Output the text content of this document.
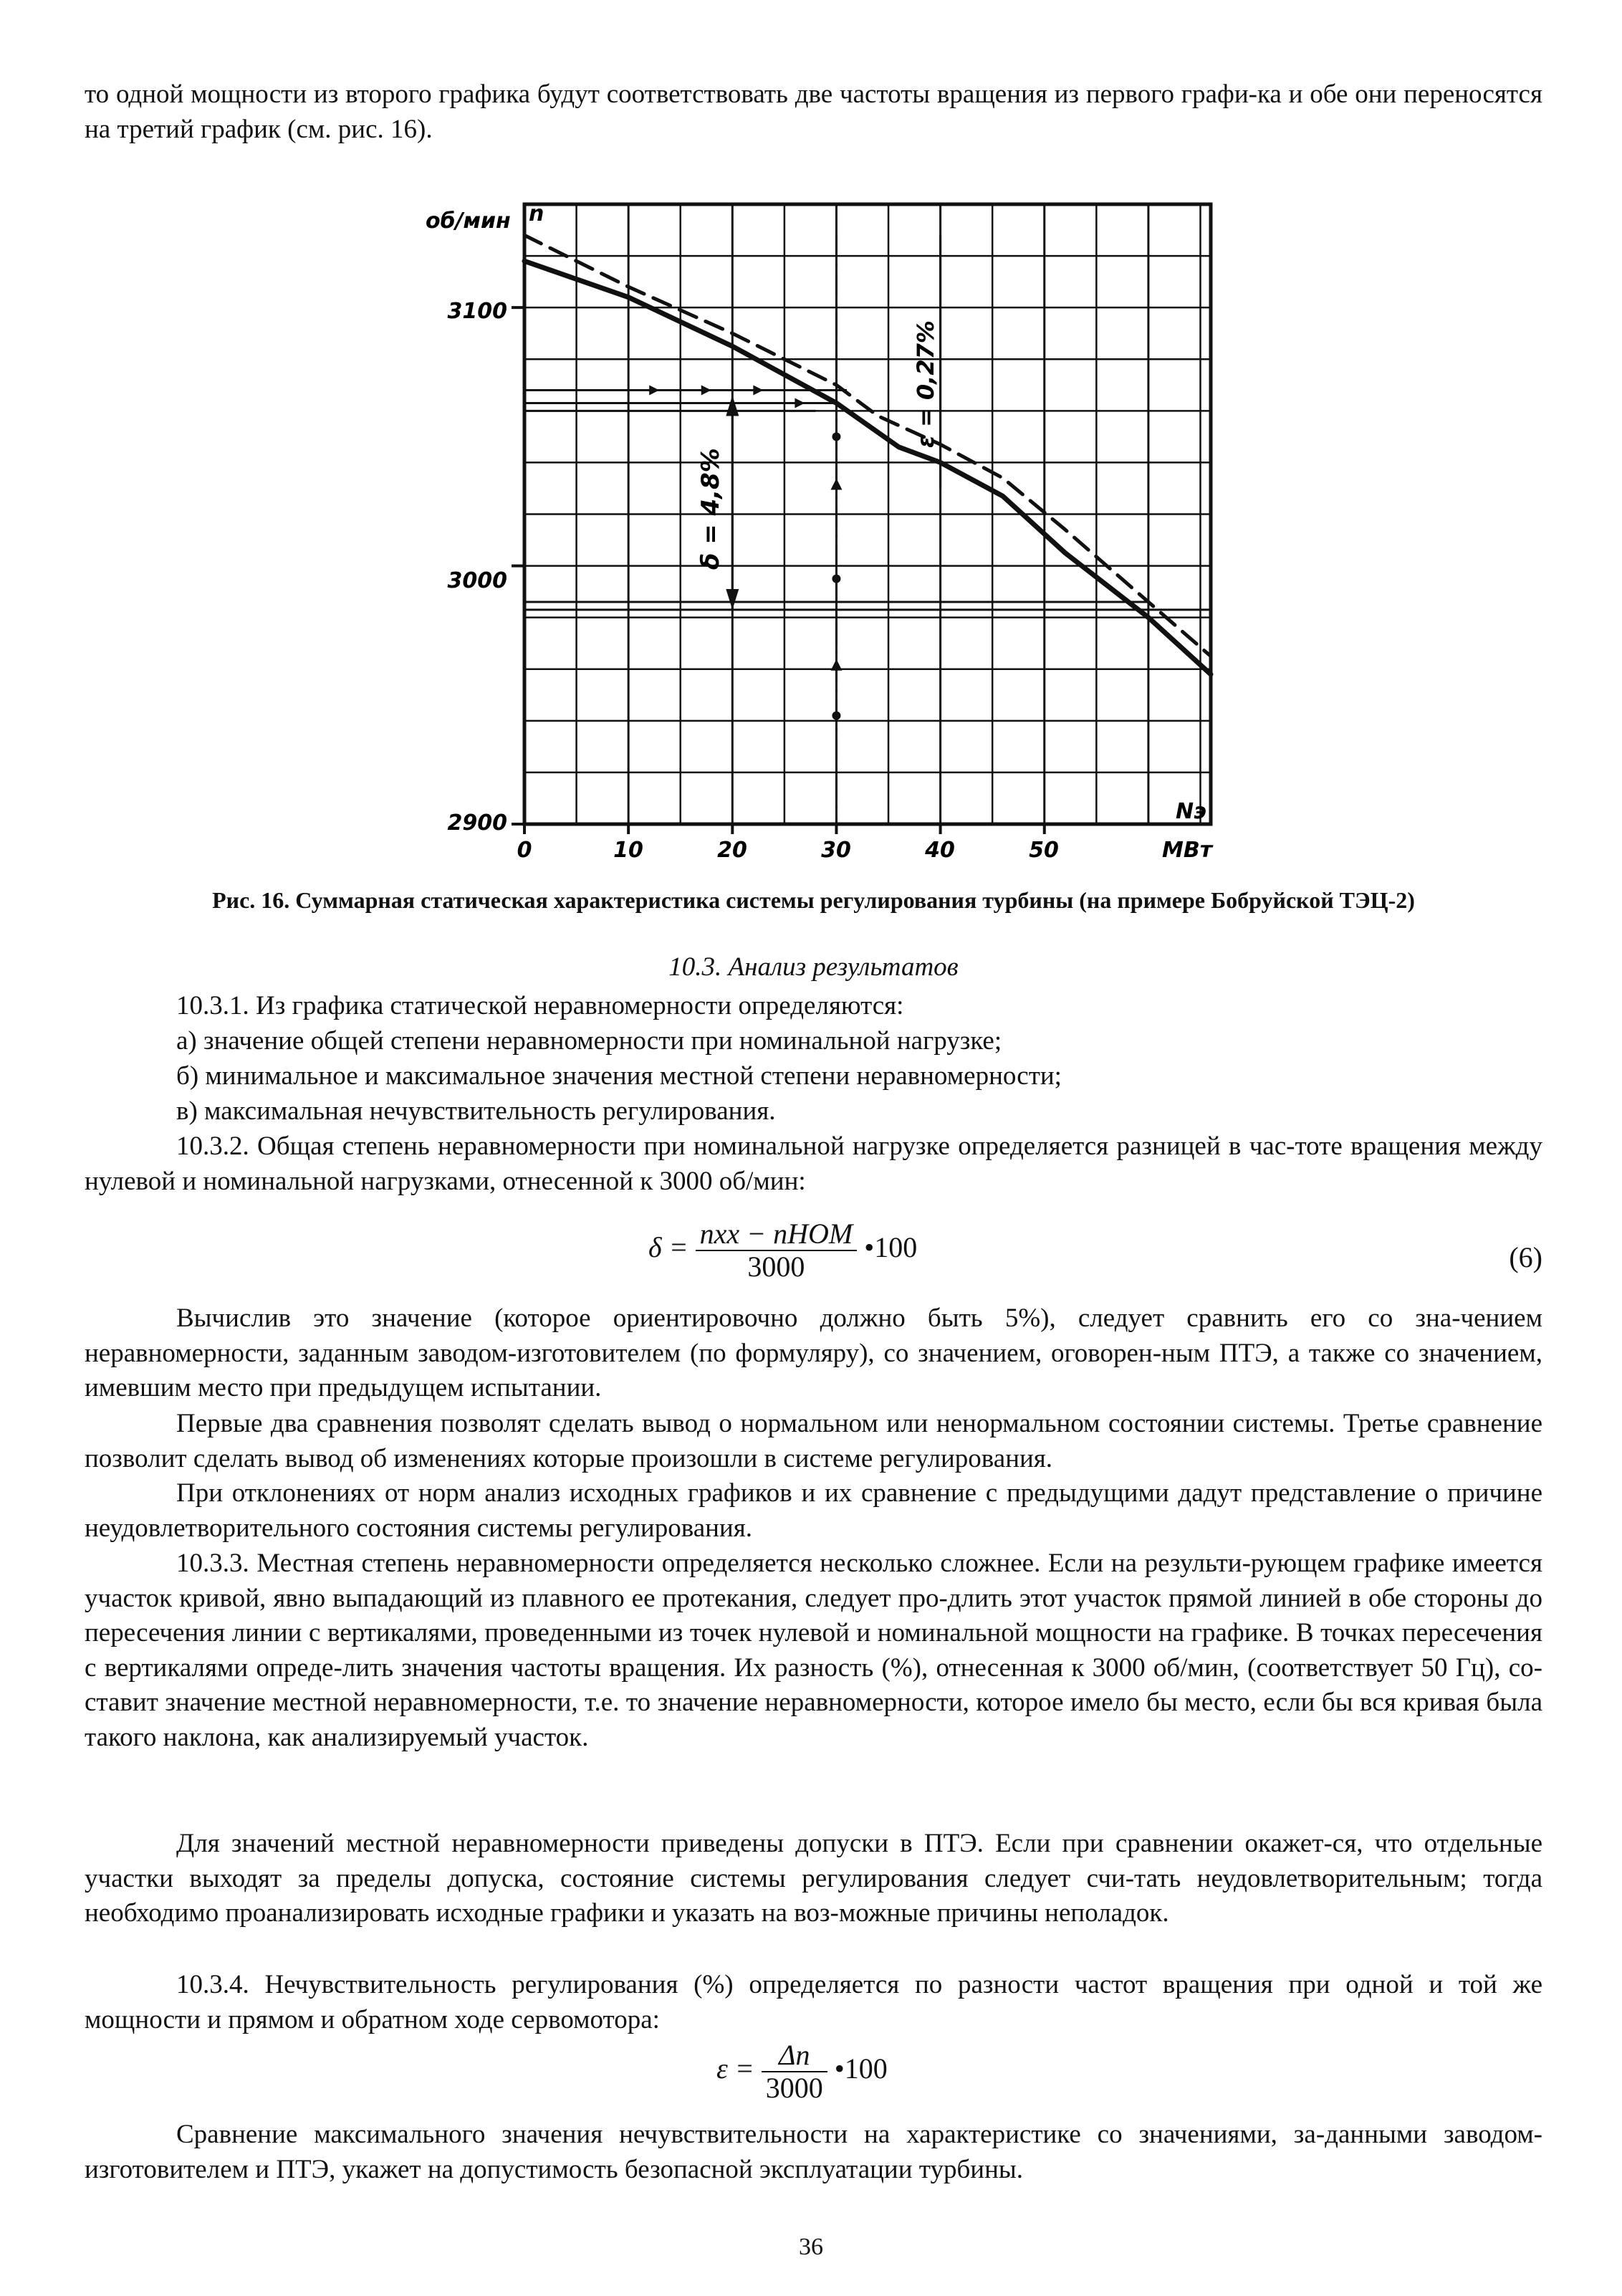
то одной мощности из второго графика будут соответствовать две частоты вращения из первого графи-ка и обе они переносятся на третий график (см. рис. 16).

об/мин n
Nэ
МВт
3100
3000
2900
0	10	20	30	40	50
δ = 4,8%
ε = 0,27%
Рис. 16. Суммарная статическая характеристика системы регулирования турбины (на примере Бобруйской ТЭЦ-2)
10.3. Анализ результатов

10.3.1. Из графика статической неравномерности определяются:

а) значение общей степени неравномерности при номинальной нагрузке;

б) минимальное и максимальное значения местной степени неравномерности;

в) максимальная нечувствительность регулирования.

10.3.2. Общая степень неравномерности при номинальной нагрузке определяется разницей в час-тоте вращения между нулевой и номинальной нагрузками, отнесенной к 3000 об/мин:

$\delta = \frac{\text{nxx − nНОМ}}{3000}$ •100	(6)

Вычислив это значение (которое ориентировочно должно быть 5%), следует сравнить его со зна-чением неравномерности, заданным заводом-изготовителем (по формуляру), со значением, оговорен-ным ПТЭ, а также со значением, имевшим место при предыдущем испытании.

Первые два сравнения позволят сделать вывод о нормальном или ненормальном состоянии системы. Третье сравнение позволит сделать вывод об изменениях которые произошли в системе регулирования.

При отклонениях от норм анализ исходных графиков и их сравнение с предыдущими дадут представление о причине неудовлетворительного состояния системы регулирования.

10.3.3. Местная степень неравномерности определяется несколько сложнее. Если на результи-рующем графике имеется участок кривой, явно выпадающий из плавного ее протекания, следует про-длить этот участок прямой линией в обе стороны до пересечения линии с вертикалями, проведенными из точек нулевой и номинальной мощности на графике. В точках пересечения с вертикалями опреде-лить значения частоты вращения. Их разность (%), отнесенная к 3000 об/мин, (соответствует 50 Гц), со-ставит значение местной неравномерности, т.е. то значение неравномерности, которое имело бы место, если бы вся кривая была такого наклона, как анализируемый участок.

Для значений местной неравномерности приведены допуски в ПТЭ. Если при сравнении окажет-ся, что отдельные участки выходят за пределы допуска, состояние системы регулирования следует счи-тать неудовлетворительным; тогда необходимо проанализировать исходные графики и указать на воз-можные причины неполадок.

10.3.4. Нечувствительность регулирования (%) определяется по разности частот вращения при одной и той же мощности и прямом и обратном ходе сервомотора:

$\varepsilon = \frac{\Delta n}{3000}$ •100

Сравнение максимального значения нечувствительности на характеристике со значениями, за-данными заводом-изготовителем и ПТЭ, укажет на допустимость безопасной эксплуатации турбины.

36
